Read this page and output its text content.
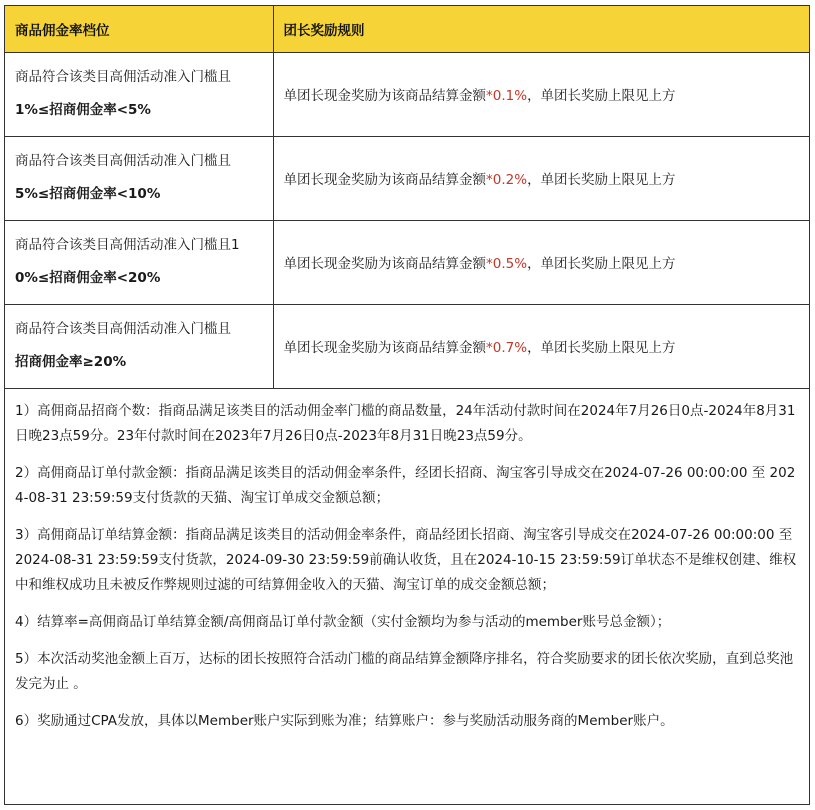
商品佣金率档位	团长奖励规则

商品符合该类目高佣活动准入门槛且
1%≤招商佣金率<5%	单团长现金奖励为该商品结算金额*0.1%，单团长奖励上限见上方

商品符合该类目高佣活动准入门槛且
5%≤招商佣金率<10%	单团长现金奖励为该商品结算金额*0.2%，单团长奖励上限见上方

商品符合该类目高佣活动准入门槛且1
0%≤招商佣金率<20%	单团长现金奖励为该商品结算金额*0.5%，单团长奖励上限见上方

商品符合该类目高佣活动准入门槛且
招商佣金率≥20%	单团长现金奖励为该商品结算金额*0.7%，单团长奖励上限见上方

1）高佣商品招商个数：指商品满足该类目的活动佣金率门槛的商品数量，24年活动付款时间在2024年7月26日0点-2024年8月31日晚23点59分。23年付款时间在2023年7月26日0点-2023年8月31日晚23点59分。

2）高佣商品订单付款金额：指商品满足该类目的活动佣金率条件，经团长招商、淘宝客引导成交在2024-07-26 00:00:00 至 2024-08-31 23:59:59支付货款的天猫、淘宝订单成交金额总额；

3）高佣商品订单结算金额：指商品满足该类目的活动佣金率条件，商品经团长招商、淘宝客引导成交在2024-07-26 00:00:00 至 2024-08-31 23:59:59支付货款，2024-09-30 23:59:59前确认收货，且在2024-10-15 23:59:59订单状态不是维权创建、维权中和维权成功且未被反作弊规则过滤的可结算佣金收入的天猫、淘宝订单的成交金额总额；

4）结算率=高佣商品订单结算金额/高佣商品订单付款金额（实付金额均为参与活动的member账号总金额）；

5）本次活动奖池金额上百万，达标的团长按照符合活动门槛的商品结算金额降序排名，符合奖励要求的团长依次奖励，直到总奖池发完为止 。

6）奖励通过CPA发放，具体以Member账户实际到账为准；结算账户：参与奖励活动服务商的Member账户。
